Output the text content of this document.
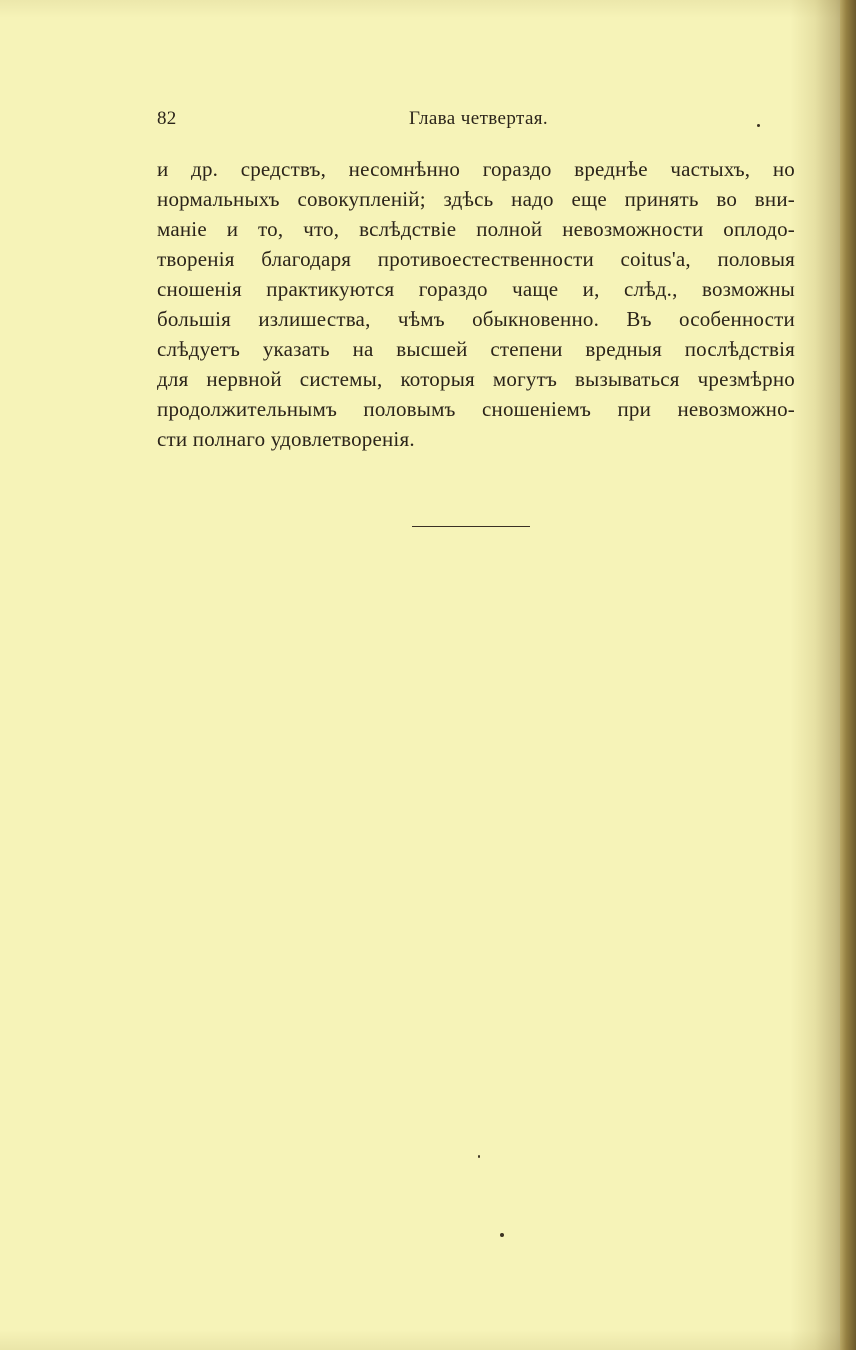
82	Глава четвертая.
и др. средствъ, несомнѣнно гораздо вреднѣе частыхъ, но
нормальныхъ совокупленій; здѣсь надо еще принять во вни-
маніе и то, что, вслѣдствіе полной невозможности оплодо-
творенія благодаря противоестественности coitus'a, половыя
сношенія практикуются гораздо чаще и, слѣд., возможны
большія излишества, чѣмъ обыкновенно. Въ особенности
слѣдуетъ указать на высшей степени вредныя послѣдствія
для нервной системы, которыя могутъ вызываться чрезмѣрно
продолжительнымъ половымъ сношеніемъ при невозможно-
сти полнаго удовлетворенія.
